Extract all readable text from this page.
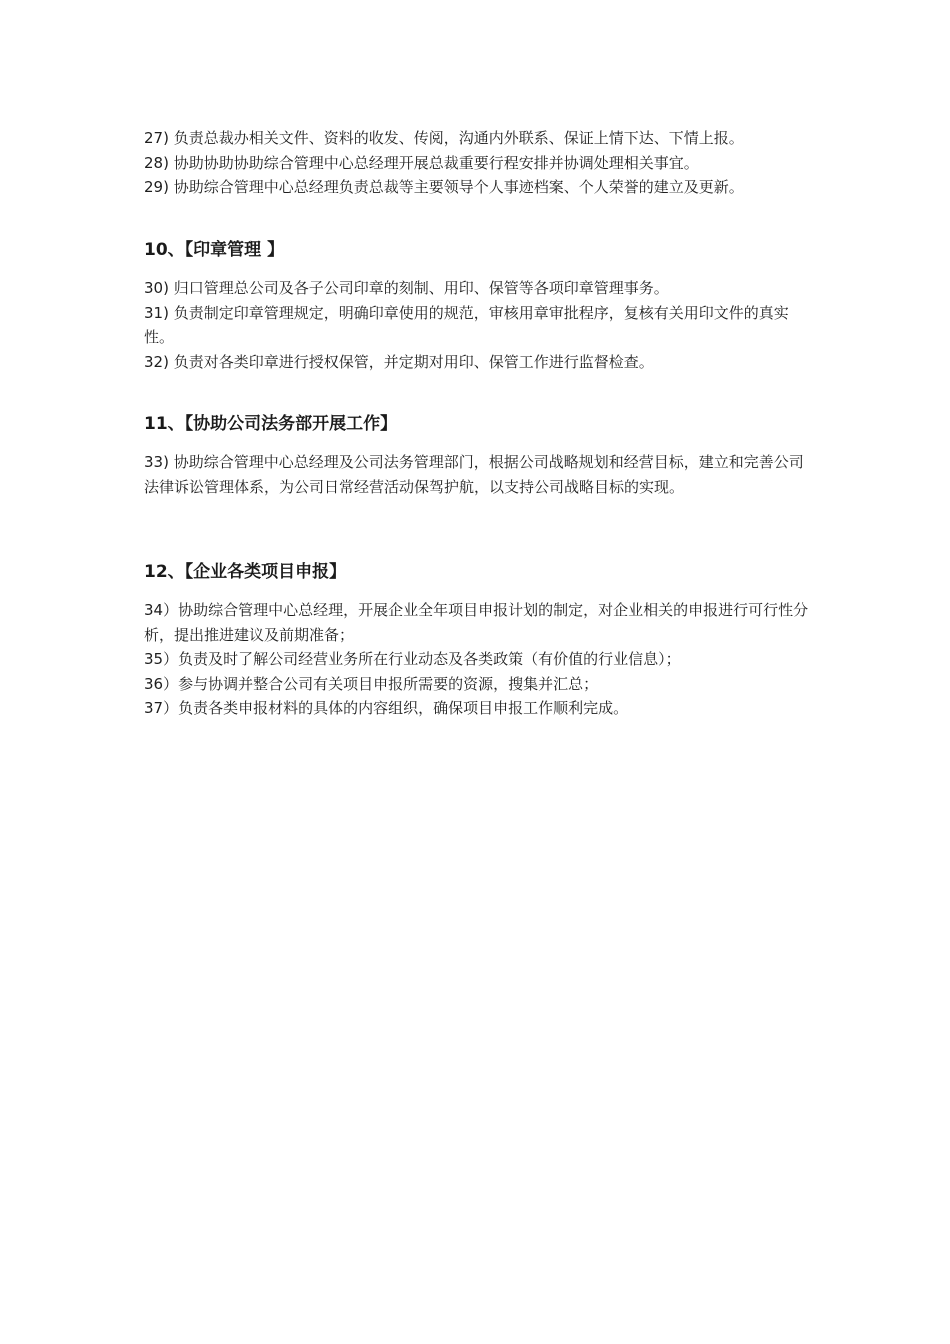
27) 负责总裁办相关文件、资料的收发、传阅，沟通内外联系、保证上情下达、下情上报。

28) 协助协助协助综合管理中心总经理开展总裁重要行程安排并协调处理相关事宜。

29) 协助综合管理中心总经理负责总裁等主要领导个人事迹档案、个人荣誉的建立及更新。

10、【印章管理 】

30) 归口管理总公司及各子公司印章的刻制、用印、保管等各项印章管理事务。

31) 负责制定印章管理规定，明确印章使用的规范，审核用章审批程序，复核有关用印文件的真实性。

32) 负责对各类印章进行授权保管，并定期对用印、保管工作进行监督检查。

11、【协助公司法务部开展工作】

33) 协助综合管理中心总经理及公司法务管理部门，根据公司战略规划和经营目标，建立和完善公司法律诉讼管理体系，为公司日常经营活动保驾护航，以支持公司战略目标的实现。

12、【企业各类项目申报】

34）协助综合管理中心总经理，开展企业全年项目申报计划的制定，对企业相关的申报进行可行性分析，提出推进建议及前期准备；

35）负责及时了解公司经营业务所在行业动态及各类政策（有价值的行业信息）；

36）参与协调并整合公司有关项目申报所需要的资源，搜集并汇总；

37）负责各类申报材料的具体的内容组织，确保项目申报工作顺利完成。
